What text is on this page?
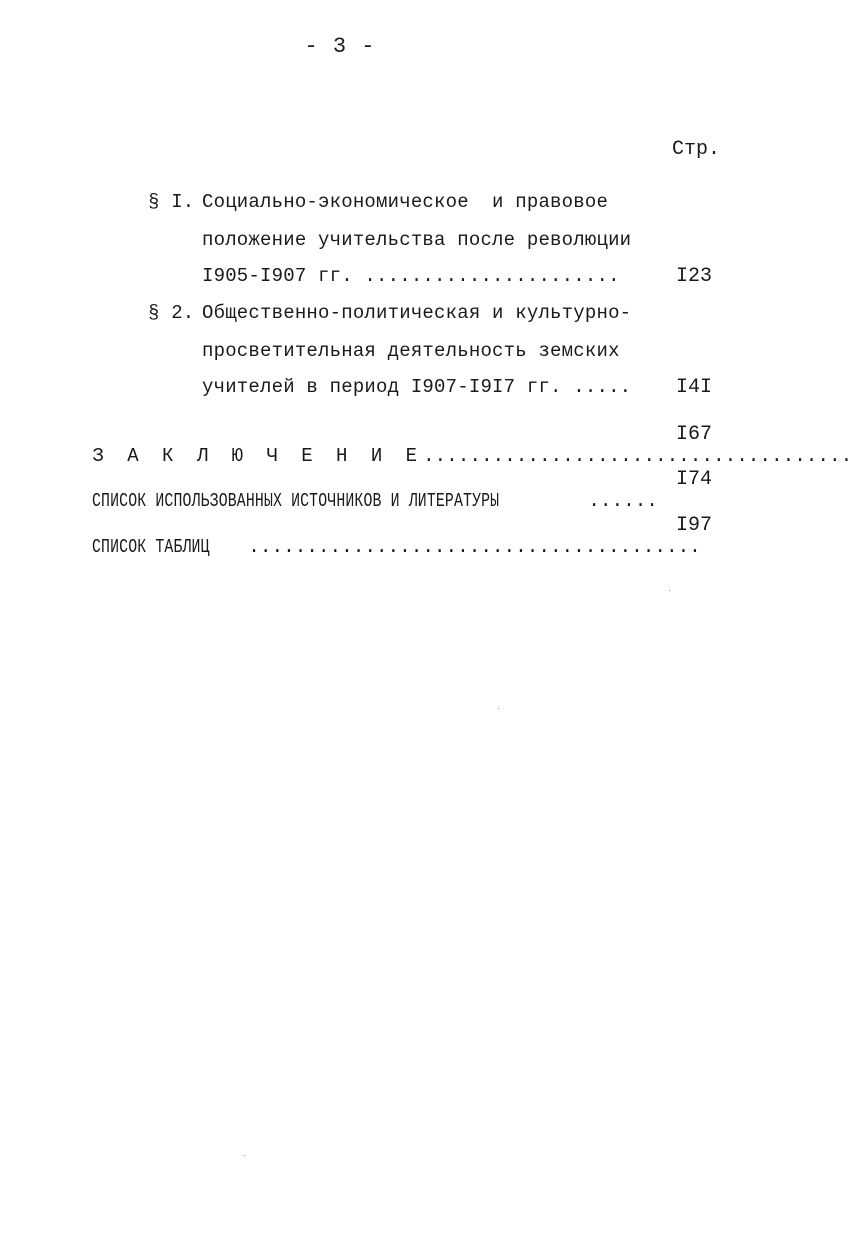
- 3 -
Стр.
§ I. Социально-экономическое  и правовое
положение учительства после революции
I905-I907 гг. ......................	I23
§ 2. Общественно-политическая и культурно-
просветительная деятельность земских
учителей в период I907-I9I7 гг. ..... I4I

З А К Л Ю Ч Е Н И Е.....................................

I67

СПИСОК ИСПОЛЬЗОВАННЫХ ИСТОЧНИКОВ И ЛИТЕРАТУРЫ	......

I74

СПИСОК ТАБЛИЦ .......................................

I97
